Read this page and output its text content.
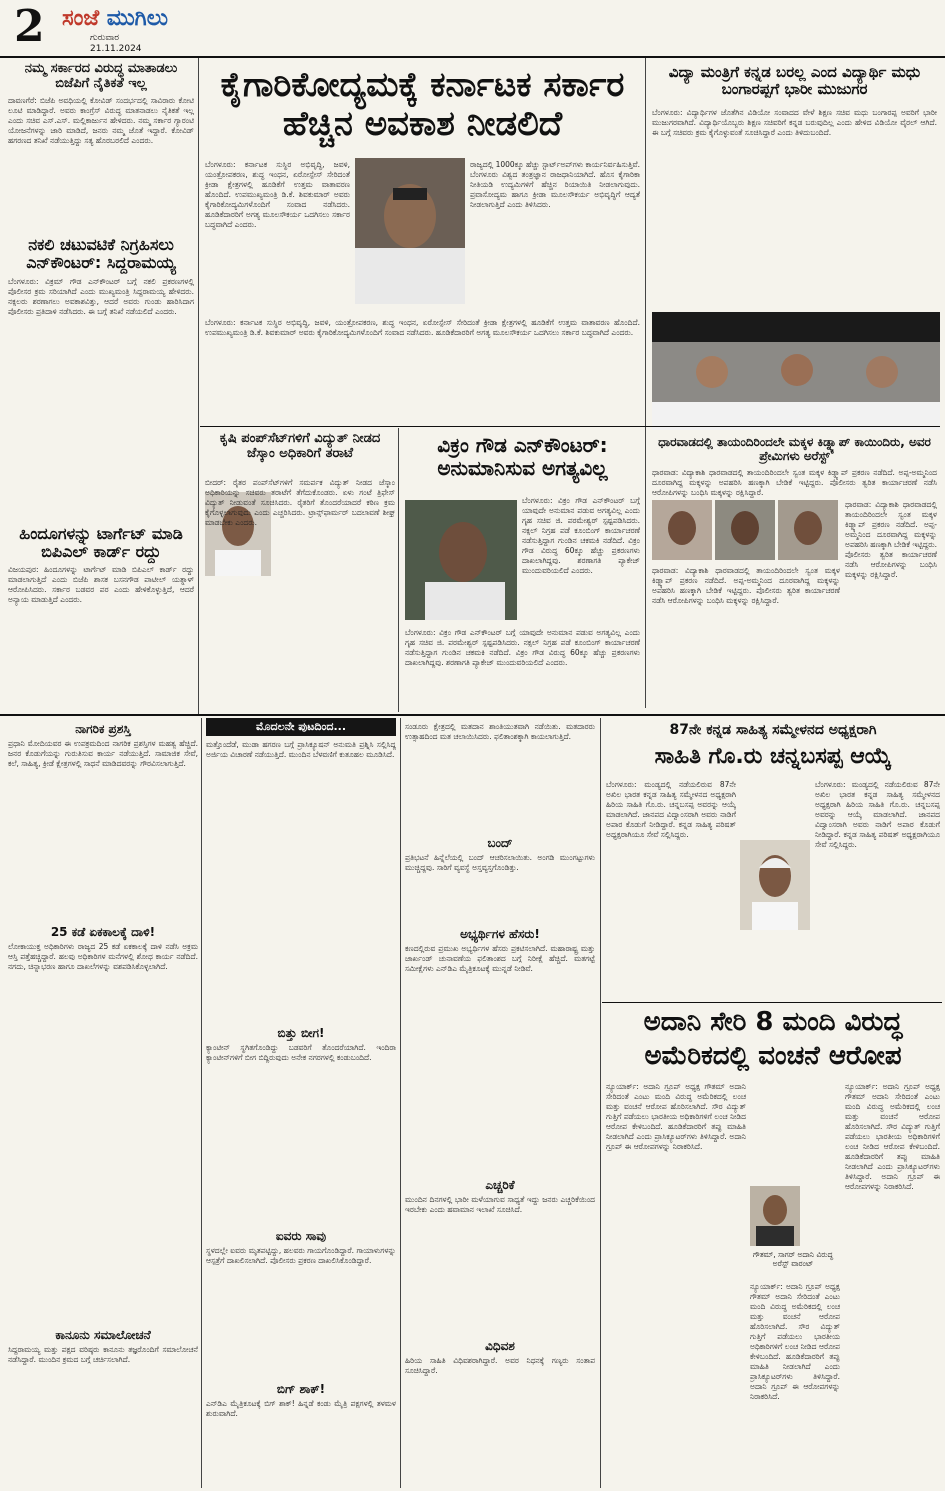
2 ಸಂಜೆ ಮುಗಿಲು
ಗುರುವಾರ
21.11.2024
ನಮ್ಮ ಸರ್ಕಾರದ ವಿರುದ್ಧ ಮಾತಾಡಲು ಬಿಜೆಪಿಗೆ ನೈತಿಕತೆ ಇಲ್ಲ
ದಾವಣಗೆರೆ: ಬಿಜೆಪಿ ಅವಧಿಯಲ್ಲಿ ಕೋವಿಡ್ ಸಂದರ್ಭದಲ್ಲಿ ಸಾವಿರಾರು ಕೋಟಿ ಲೂಟಿ ಮಾಡಿದ್ದಾರೆ. ಅವರು ಕಾಂಗ್ರೆಸ್ ವಿರುದ್ಧ ಮಾತನಾಡಲು ನೈತಿಕತೆ ಇಲ್ಲ ಎಂದು ಸಚಿವ ಎಸ್.ಎಸ್. ಮಲ್ಲಿಕಾರ್ಜುನ ಹೇಳಿದರು. ನಮ್ಮ ಸರ್ಕಾರ ಗ್ಯಾರಂಟಿ ಯೋಜನೆಗಳನ್ನು ಜಾರಿ ಮಾಡಿದೆ, ಜನರು ನಮ್ಮ ಜೊತೆ ಇದ್ದಾರೆ. ಕೋವಿಡ್ ಹಗರಣದ ತನಿಖೆ ನಡೆಯುತ್ತಿದ್ದು ಸತ್ಯ ಹೊರಬರಲಿದೆ ಎಂದರು.
ನಕಲಿ ಚಟುವಟಿಕೆ ನಿಗ್ರಹಿಸಲು ಎನ್‌ಕೌಂಟರ್: ಸಿದ್ದರಾಮಯ್ಯ
ಬೆಂಗಳೂರು: ವಿಕ್ರಮ್ ಗೌಡ ಎನ್‌ಕೌಂಟರ್ ಬಗ್ಗೆ ನಕಲಿ ಪ್ರಕರಣಗಳಲ್ಲಿ ಪೊಲೀಸರ ಕ್ರಮ ಸರಿಯಾಗಿದೆ ಎಂದು ಮುಖ್ಯಮಂತ್ರಿ ಸಿದ್ದರಾಮಯ್ಯ ಹೇಳಿದರು. ನಕ್ಸಲರು ಶರಣಾಗಲು ಅವಕಾಶವಿತ್ತು, ಆದರೆ ಅವರು ಗುಂಡು ಹಾರಿಸಿದಾಗ ಪೊಲೀಸರು ಪ್ರತಿದಾಳಿ ನಡೆಸಿದರು. ಈ ಬಗ್ಗೆ ತನಿಖೆ ನಡೆಯಲಿದೆ ಎಂದರು.
ಹಿಂದೂಗಳನ್ನು ಟಾರ್ಗೆಟ್ ಮಾಡಿ ಬಿಪಿಎಲ್ ಕಾರ್ಡ್ ರದ್ದು
ವಿಜಯಪುರ: ಹಿಂದೂಗಳನ್ನು ಟಾರ್ಗೆಟ್ ಮಾಡಿ ಬಿಪಿಎಲ್ ಕಾರ್ಡ್ ರದ್ದು ಮಾಡಲಾಗುತ್ತಿದೆ ಎಂದು ಬಿಜೆಪಿ ಶಾಸಕ ಬಸನಗೌಡ ಪಾಟೀಲ್ ಯತ್ನಾಳ್ ಆರೋಪಿಸಿದರು. ಸರ್ಕಾರ ಬಡವರ ಪರ ಎಂದು ಹೇಳಿಕೊಳ್ಳುತ್ತಿದೆ, ಆದರೆ ಅನ್ಯಾಯ ಮಾಡುತ್ತಿದೆ ಎಂದರು.
ಕೈಗಾರಿಕೋದ್ಯಮಕ್ಕೆ ಕರ್ನಾಟಕ ಸರ್ಕಾರ ಹೆಚ್ಚಿನ ಅವಕಾಶ ನೀಡಲಿದೆ
ಬೆಂಗಳೂರು: ಕರ್ನಾಟಕ ಸುಸ್ಥಿರ ಅಭಿವೃದ್ಧಿ, ಜವಳಿ, ಯಂತ್ರೋಪಕರಣ, ಶುದ್ಧ ಇಂಧನ, ಏರೋಸ್ಪೇಸ್ ಸೇರಿದಂತೆ ಕ್ರೀಡಾ ಕ್ಷೇತ್ರಗಳಲ್ಲಿ ಹೂಡಿಕೆಗೆ ಉತ್ತಮ ವಾತಾವರಣ ಹೊಂದಿದೆ. ಉಪಮುಖ್ಯಮಂತ್ರಿ ಡಿ.ಕೆ. ಶಿವಕುಮಾರ್ ಅವರು ಕೈಗಾರಿಕೋದ್ಯಮಿಗಳೊಂದಿಗೆ ಸಂವಾದ ನಡೆಸಿದರು. ಹೂಡಿಕೆದಾರರಿಗೆ ಅಗತ್ಯ ಮೂಲಸೌಕರ್ಯ ಒದಗಿಸಲು ಸರ್ಕಾರ ಬದ್ಧವಾಗಿದೆ ಎಂದರು.
ರಾಜ್ಯದಲ್ಲಿ 1000ಕ್ಕೂ ಹೆಚ್ಚು ಸ್ಟಾರ್ಟ್‌ಅಪ್‌ಗಳು ಕಾರ್ಯನಿರ್ವಹಿಸುತ್ತಿವೆ. ಬೆಂಗಳೂರು ವಿಶ್ವದ ತಂತ್ರಜ್ಞಾನ ರಾಜಧಾನಿಯಾಗಿದೆ. ಹೊಸ ಕೈಗಾರಿಕಾ ನೀತಿಯಡಿ ಉದ್ಯಮಿಗಳಿಗೆ ಹೆಚ್ಚಿನ ರಿಯಾಯಿತಿ ನೀಡಲಾಗುವುದು. ಪ್ರವಾಸೋದ್ಯಮ ಹಾಗೂ ಕ್ರೀಡಾ ಮೂಲಸೌಕರ್ಯ ಅಭಿವೃದ್ಧಿಗೆ ಆದ್ಯತೆ ನೀಡಲಾಗುತ್ತಿದೆ ಎಂದು ತಿಳಿಸಿದರು.
ಬೆಂಗಳೂರು: ಕರ್ನಾಟಕ ಸುಸ್ಥಿರ ಅಭಿವೃದ್ಧಿ, ಜವಳಿ, ಯಂತ್ರೋಪಕರಣ, ಶುದ್ಧ ಇಂಧನ, ಏರೋಸ್ಪೇಸ್ ಸೇರಿದಂತೆ ಕ್ರೀಡಾ ಕ್ಷೇತ್ರಗಳಲ್ಲಿ ಹೂಡಿಕೆಗೆ ಉತ್ತಮ ವಾತಾವರಣ ಹೊಂದಿದೆ. ಉಪಮುಖ್ಯಮಂತ್ರಿ ಡಿ.ಕೆ. ಶಿವಕುಮಾರ್ ಅವರು ಕೈಗಾರಿಕೋದ್ಯಮಿಗಳೊಂದಿಗೆ ಸಂವಾದ ನಡೆಸಿದರು. ಹೂಡಿಕೆದಾರರಿಗೆ ಅಗತ್ಯ ಮೂಲಸೌಕರ್ಯ ಒದಗಿಸಲು ಸರ್ಕಾರ ಬದ್ಧವಾಗಿದೆ ಎಂದರು.
ವಿದ್ಯಾ ಮಂತ್ರಿಗೆ ಕನ್ನಡ ಬರಲ್ಲ ಎಂದ ವಿದ್ಯಾರ್ಥಿ ಮಧು ಬಂಗಾರಪ್ಪಗೆ ಭಾರೀ ಮುಜುಗರ
ಬೆಂಗಳೂರು: ವಿದ್ಯಾರ್ಥಿಗಳ ಜೊತೆಗಿನ ವಿಡಿಯೋ ಸಂವಾದದ ವೇಳೆ ಶಿಕ್ಷಣ ಸಚಿವ ಮಧು ಬಂಗಾರಪ್ಪ ಅವರಿಗೆ ಭಾರೀ ಮುಜುಗರವಾಗಿದೆ. ವಿದ್ಯಾರ್ಥಿಯೊಬ್ಬರು ಶಿಕ್ಷಣ ಸಚಿವರಿಗೆ ಕನ್ನಡ ಬರುವುದಿಲ್ಲ ಎಂದು ಹೇಳಿದ ವಿಡಿಯೋ ವೈರಲ್ ಆಗಿದೆ. ಈ ಬಗ್ಗೆ ಸಚಿವರು ಕ್ರಮ ಕೈಗೊಳ್ಳುವಂತೆ ಸೂಚಿಸಿದ್ದಾರೆ ಎಂದು ತಿಳಿದುಬಂದಿದೆ.
ಕೃಷಿ ಪಂಪ್‌ಸೆಟ್‌ಗಳಿಗೆ ವಿದ್ಯುತ್ ನೀಡದ ಜೆಸ್ಕಾಂ ಅಧಿಕಾರಿಗೆ ತರಾಟೆ
ಬೀದರ್: ರೈತರ ಪಂಪ್‌ಸೆಟ್‌ಗಳಿಗೆ ಸಮರ್ಪಕ ವಿದ್ಯುತ್ ನೀಡದ ಜೆಸ್ಕಾಂ ಅಧಿಕಾರಿಯನ್ನು ಸಚಿವರು ತರಾಟೆಗೆ ತೆಗೆದುಕೊಂಡರು. ಏಳು ಗಂಟೆ ತ್ರಿಫೇಸ್ ವಿದ್ಯುತ್ ನೀಡುವಂತೆ ಸೂಚಿಸಿದರು. ರೈತರಿಗೆ ತೊಂದರೆಯಾದರೆ ಕಠಿಣ ಕ್ರಮ ಕೈಗೊಳ್ಳಲಾಗುವುದು ಎಂದು ಎಚ್ಚರಿಸಿದರು. ಟ್ರಾನ್ಸ್‌ಫಾರ್ಮರ್ ಬದಲಾವಣೆ ಶೀಘ್ರ ಮಾಡಬೇಕು ಎಂದರು.
ವಿಕ್ರಂ ಗೌಡ ಎನ್‌ಕೌಂಟರ್: ಅನುಮಾನಿಸುವ ಅಗತ್ಯವಿಲ್ಲ
ಬೆಂಗಳೂರು: ವಿಕ್ರಂ ಗೌಡ ಎನ್‌ಕೌಂಟರ್ ಬಗ್ಗೆ ಯಾವುದೇ ಅನುಮಾನ ಪಡುವ ಅಗತ್ಯವಿಲ್ಲ ಎಂದು ಗೃಹ ಸಚಿವ ಜಿ. ಪರಮೇಶ್ವರ್ ಸ್ಪಷ್ಟಪಡಿಸಿದರು. ನಕ್ಸಲ್ ನಿಗ್ರಹ ಪಡೆ ಕೂಂಬಿಂಗ್ ಕಾರ್ಯಾಚರಣೆ ನಡೆಸುತ್ತಿದ್ದಾಗ ಗುಂಡಿನ ಚಕಮಕಿ ನಡೆದಿದೆ. ವಿಕ್ರಂ ಗೌಡ ವಿರುದ್ಧ 60ಕ್ಕೂ ಹೆಚ್ಚು ಪ್ರಕರಣಗಳು ದಾಖಲಾಗಿದ್ದವು. ಶರಣಾಗತಿ ಪ್ಯಾಕೇಜ್ ಮುಂದುವರಿಯಲಿದೆ ಎಂದರು.
ಬೆಂಗಳೂರು: ವಿಕ್ರಂ ಗೌಡ ಎನ್‌ಕೌಂಟರ್ ಬಗ್ಗೆ ಯಾವುದೇ ಅನುಮಾನ ಪಡುವ ಅಗತ್ಯವಿಲ್ಲ ಎಂದು ಗೃಹ ಸಚಿವ ಜಿ. ಪರಮೇಶ್ವರ್ ಸ್ಪಷ್ಟಪಡಿಸಿದರು. ನಕ್ಸಲ್ ನಿಗ್ರಹ ಪಡೆ ಕೂಂಬಿಂಗ್ ಕಾರ್ಯಾಚರಣೆ ನಡೆಸುತ್ತಿದ್ದಾಗ ಗುಂಡಿನ ಚಕಮಕಿ ನಡೆದಿದೆ. ವಿಕ್ರಂ ಗೌಡ ವಿರುದ್ಧ 60ಕ್ಕೂ ಹೆಚ್ಚು ಪ್ರಕರಣಗಳು ದಾಖಲಾಗಿದ್ದವು. ಶರಣಾಗತಿ ಪ್ಯಾಕೇಜ್ ಮುಂದುವರಿಯಲಿದೆ ಎಂದರು.
ಧಾರವಾಡದಲ್ಲಿ ತಾಯಂದಿರಿಂದಲೇ ಮಕ್ಕಳ ಕಿಡ್ನ್ಯಾಪ್ ಕಾಯಿಂದಿರು, ಅವರ ಪ್ರೇಮಿಗಳು ಅರೆಸ್ಟ್
ಧಾರವಾಡ: ವಿದ್ಯಾಕಾಶಿ ಧಾರವಾಡದಲ್ಲಿ ತಾಯಂದಿರಿಂದಲೇ ಸ್ವಂತ ಮಕ್ಕಳ ಕಿಡ್ನ್ಯಾಪ್ ಪ್ರಕರಣ ನಡೆದಿದೆ. ಅಪ್ಪ-ಅಮ್ಮನಿಂದ ದೂರವಾಗಿದ್ದ ಮಕ್ಕಳನ್ನು ಅಪಹರಿಸಿ ಹಣಕ್ಕಾಗಿ ಬೇಡಿಕೆ ಇಟ್ಟಿದ್ದರು. ಪೊಲೀಸರು ತ್ವರಿತ ಕಾರ್ಯಾಚರಣೆ ನಡೆಸಿ ಆರೋಪಿಗಳನ್ನು ಬಂಧಿಸಿ ಮಕ್ಕಳನ್ನು ರಕ್ಷಿಸಿದ್ದಾರೆ.
ಧಾರವಾಡ: ವಿದ್ಯಾಕಾಶಿ ಧಾರವಾಡದಲ್ಲಿ ತಾಯಂದಿರಿಂದಲೇ ಸ್ವಂತ ಮಕ್ಕಳ ಕಿಡ್ನ್ಯಾಪ್ ಪ್ರಕರಣ ನಡೆದಿದೆ. ಅಪ್ಪ-ಅಮ್ಮನಿಂದ ದೂರವಾಗಿದ್ದ ಮಕ್ಕಳನ್ನು ಅಪಹರಿಸಿ ಹಣಕ್ಕಾಗಿ ಬೇಡಿಕೆ ಇಟ್ಟಿದ್ದರು. ಪೊಲೀಸರು ತ್ವರಿತ ಕಾರ್ಯಾಚರಣೆ ನಡೆಸಿ ಆರೋಪಿಗಳನ್ನು ಬಂಧಿಸಿ ಮಕ್ಕಳನ್ನು ರಕ್ಷಿಸಿದ್ದಾರೆ.
ಧಾರವಾಡ: ವಿದ್ಯಾಕಾಶಿ ಧಾರವಾಡದಲ್ಲಿ ತಾಯಂದಿರಿಂದಲೇ ಸ್ವಂತ ಮಕ್ಕಳ ಕಿಡ್ನ್ಯಾಪ್ ಪ್ರಕರಣ ನಡೆದಿದೆ. ಅಪ್ಪ-ಅಮ್ಮನಿಂದ ದೂರವಾಗಿದ್ದ ಮಕ್ಕಳನ್ನು ಅಪಹರಿಸಿ ಹಣಕ್ಕಾಗಿ ಬೇಡಿಕೆ ಇಟ್ಟಿದ್ದರು. ಪೊಲೀಸರು ತ್ವರಿತ ಕಾರ್ಯಾಚರಣೆ ನಡೆಸಿ ಆರೋಪಿಗಳನ್ನು ಬಂಧಿಸಿ ಮಕ್ಕಳನ್ನು ರಕ್ಷಿಸಿದ್ದಾರೆ.
ನಾಗರಿಕ ಪ್ರಶಸ್ತಿ
ಪ್ರಧಾನಿ ಮೋದಿಯವರ ಈ ಉಪಕ್ರಮದಿಂದ ನಾಗರಿಕ ಪ್ರಶಸ್ತಿಗಳ ಮಹತ್ವ ಹೆಚ್ಚಿದೆ. ಜನರ ಕೊಡುಗೆಯನ್ನು ಗುರುತಿಸುವ ಕಾರ್ಯ ನಡೆಯುತ್ತಿದೆ. ಸಾಮಾಜಿಕ ಸೇವೆ, ಕಲೆ, ಸಾಹಿತ್ಯ, ಕ್ರೀಡೆ ಕ್ಷೇತ್ರಗಳಲ್ಲಿ ಸಾಧನೆ ಮಾಡಿದವರನ್ನು ಗೌರವಿಸಲಾಗುತ್ತಿದೆ.
25 ಕಡೆ ಏಕಕಾಲಕ್ಕೆ ದಾಳಿ!
ಲೋಕಾಯುಕ್ತ ಅಧಿಕಾರಿಗಳು ರಾಜ್ಯದ 25 ಕಡೆ ಏಕಕಾಲಕ್ಕೆ ದಾಳಿ ನಡೆಸಿ ಅಕ್ರಮ ಆಸ್ತಿ ಪತ್ತೆಹಚ್ಚಿದ್ದಾರೆ. ಹಲವು ಅಧಿಕಾರಿಗಳ ಮನೆಗಳಲ್ಲಿ ಶೋಧ ಕಾರ್ಯ ನಡೆದಿದೆ. ನಗದು, ಚಿನ್ನಾಭರಣ ಹಾಗೂ ದಾಖಲೆಗಳನ್ನು ವಶಪಡಿಸಿಕೊಳ್ಳಲಾಗಿದೆ.
ಕಾನೂನು ಸಮಾಲೋಚನೆ
ಸಿದ್ದರಾಮಯ್ಯ ಮತ್ತು ಪಕ್ಷದ ವರಿಷ್ಠರು ಕಾನೂನು ತಜ್ಞರೊಂದಿಗೆ ಸಮಾಲೋಚನೆ ನಡೆಸಿದ್ದಾರೆ. ಮುಂದಿನ ಕ್ರಮದ ಬಗ್ಗೆ ಚರ್ಚಿಸಲಾಗಿದೆ.
ಮೊದಲನೇ ಪುಟದಿಂದ...
ಮತ್ತೊಂದೆಡೆ, ಮುಡಾ ಹಗರಣ ಬಗ್ಗೆ ಪ್ರಾಸಿಕ್ಯೂಷನ್ ಅನುಮತಿ ಪ್ರಶ್ನಿಸಿ ಸಲ್ಲಿಸಿದ್ದ ಅರ್ಜಿಯ ವಿಚಾರಣೆ ನಡೆಯುತ್ತಿದೆ. ಮುಂದಿನ ಬೆಳವಣಿಗೆ ಕುತೂಹಲ ಮೂಡಿಸಿದೆ.
ಬಿತ್ತು ಬೀಗ!
ಕ್ಯಾಂಟೀನ್ ಸ್ಥಗಿತಗೊಂಡಿದ್ದು ಬಡವರಿಗೆ ತೊಂದರೆಯಾಗಿದೆ. ಇಂದಿರಾ ಕ್ಯಾಂಟೀನ್‌ಗಳಿಗೆ ಬೀಗ ಬಿದ್ದಿರುವುದು ಅನೇಕ ನಗರಗಳಲ್ಲಿ ಕಂಡುಬಂದಿದೆ.
ಐವರು ಸಾವು
ಸ್ಥಳದಲ್ಲೇ ಐವರು ಮೃತಪಟ್ಟಿದ್ದು, ಹಲವರು ಗಾಯಗೊಂಡಿದ್ದಾರೆ. ಗಾಯಾಳುಗಳನ್ನು ಆಸ್ಪತ್ರೆಗೆ ದಾಖಲಿಸಲಾಗಿದೆ. ಪೊಲೀಸರು ಪ್ರಕರಣ ದಾಖಲಿಸಿಕೊಂಡಿದ್ದಾರೆ.
ಬಿಗ್ ಶಾಕ್!
ಎನ್‌ಡಿಎ ಮೈತ್ರಿಕೂಟಕ್ಕೆ ಬಿಗ್ ಶಾಕ್! ಹಿನ್ನಡೆ ಕಂಡು ಮೈತ್ರಿ ಪಕ್ಷಗಳಲ್ಲಿ ತಳಮಳ ಶುರುವಾಗಿದೆ.
ಸಂಡೂರು ಕ್ಷೇತ್ರದಲ್ಲಿ ಮತದಾನ ಶಾಂತಿಯುತವಾಗಿ ನಡೆಯಿತು. ಮತದಾರರು ಉತ್ಸಾಹದಿಂದ ಮತ ಚಲಾಯಿಸಿದರು. ಫಲಿತಾಂಶಕ್ಕಾಗಿ ಕಾಯಲಾಗುತ್ತಿದೆ.
ಬಂದ್
ಪ್ರತಿಭಟನೆ ಹಿನ್ನೆಲೆಯಲ್ಲಿ ಬಂದ್ ಆಚರಿಸಲಾಯಿತು. ಅಂಗಡಿ ಮುಂಗಟ್ಟುಗಳು ಮುಚ್ಚಿದ್ದವು. ಸಾರಿಗೆ ವ್ಯವಸ್ಥೆ ಅಸ್ತವ್ಯಸ್ತಗೊಂಡಿತ್ತು.
ಅಭ್ಯರ್ಥಿಗಳ ಹೆಸರು!
ಕಣದಲ್ಲಿರುವ ಪ್ರಮುಖ ಅಭ್ಯರ್ಥಿಗಳ ಹೆಸರು ಪ್ರಕಟಿಸಲಾಗಿದೆ. ಮಹಾರಾಷ್ಟ್ರ ಮತ್ತು ಜಾರ್ಖಂಡ್ ಚುನಾವಣೆಯ ಫಲಿತಾಂಶದ ಬಗ್ಗೆ ನಿರೀಕ್ಷೆ ಹೆಚ್ಚಿದೆ. ಮತಗಟ್ಟೆ ಸಮೀಕ್ಷೆಗಳು ಎನ್‌ಡಿಎ ಮೈತ್ರಿಕೂಟಕ್ಕೆ ಮುನ್ನಡೆ ನೀಡಿವೆ.
ಎಚ್ಚರಿಕೆ
ಮುಂದಿನ ದಿನಗಳಲ್ಲಿ ಭಾರೀ ಮಳೆಯಾಗುವ ಸಾಧ್ಯತೆ ಇದ್ದು ಜನರು ಎಚ್ಚರಿಕೆಯಿಂದ ಇರಬೇಕು ಎಂದು ಹವಾಮಾನ ಇಲಾಖೆ ಸೂಚಿಸಿದೆ.
ವಿಧಿವಶ
ಹಿರಿಯ ಸಾಹಿತಿ ವಿಧಿವಶರಾಗಿದ್ದಾರೆ. ಅವರ ನಿಧನಕ್ಕೆ ಗಣ್ಯರು ಸಂತಾಪ ಸೂಚಿಸಿದ್ದಾರೆ.
87ನೇ ಕನ್ನಡ ಸಾಹಿತ್ಯ ಸಮ್ಮೇಳನದ ಅಧ್ಯಕ್ಷರಾಗಿ
ಸಾಹಿತಿ ಗೊ.ರು ಚನ್ನಬಸಪ್ಪ ಆಯ್ಕೆ
ಬೆಂಗಳೂರು: ಮಂಡ್ಯದಲ್ಲಿ ನಡೆಯಲಿರುವ 87ನೇ ಅಖಿಲ ಭಾರತ ಕನ್ನಡ ಸಾಹಿತ್ಯ ಸಮ್ಮೇಳನದ ಅಧ್ಯಕ್ಷರಾಗಿ ಹಿರಿಯ ಸಾಹಿತಿ ಗೊ.ರು. ಚನ್ನಬಸಪ್ಪ ಅವರನ್ನು ಆಯ್ಕೆ ಮಾಡಲಾಗಿದೆ. ಜಾನಪದ ವಿದ್ವಾಂಸರಾಗಿ ಅವರು ನಾಡಿಗೆ ಅಪಾರ ಕೊಡುಗೆ ನೀಡಿದ್ದಾರೆ. ಕನ್ನಡ ಸಾಹಿತ್ಯ ಪರಿಷತ್ ಅಧ್ಯಕ್ಷರಾಗಿಯೂ ಸೇವೆ ಸಲ್ಲಿಸಿದ್ದರು.
ಬೆಂಗಳೂರು: ಮಂಡ್ಯದಲ್ಲಿ ನಡೆಯಲಿರುವ 87ನೇ ಅಖಿಲ ಭಾರತ ಕನ್ನಡ ಸಾಹಿತ್ಯ ಸಮ್ಮೇಳನದ ಅಧ್ಯಕ್ಷರಾಗಿ ಹಿರಿಯ ಸಾಹಿತಿ ಗೊ.ರು. ಚನ್ನಬಸಪ್ಪ ಅವರನ್ನು ಆಯ್ಕೆ ಮಾಡಲಾಗಿದೆ. ಜಾನಪದ ವಿದ್ವಾಂಸರಾಗಿ ಅವರು ನಾಡಿಗೆ ಅಪಾರ ಕೊಡುಗೆ ನೀಡಿದ್ದಾರೆ. ಕನ್ನಡ ಸಾಹಿತ್ಯ ಪರಿಷತ್ ಅಧ್ಯಕ್ಷರಾಗಿಯೂ ಸೇವೆ ಸಲ್ಲಿಸಿದ್ದರು.
ಅದಾನಿ ಸೇರಿ 8 ಮಂದಿ ವಿರುದ್ಧ
ಅಮೆರಿಕದಲ್ಲಿ ವಂಚನೆ ಆರೋಪ
ನ್ಯೂಯಾರ್ಕ್: ಅದಾನಿ ಗ್ರೂಪ್ ಅಧ್ಯಕ್ಷ ಗೌತಮ್ ಅದಾನಿ ಸೇರಿದಂತೆ ಎಂಟು ಮಂದಿ ವಿರುದ್ಧ ಅಮೆರಿಕದಲ್ಲಿ ಲಂಚ ಮತ್ತು ವಂಚನೆ ಆರೋಪ ಹೊರಿಸಲಾಗಿದೆ. ಸೌರ ವಿದ್ಯುತ್ ಗುತ್ತಿಗೆ ಪಡೆಯಲು ಭಾರತೀಯ ಅಧಿಕಾರಿಗಳಿಗೆ ಲಂಚ ನೀಡಿದ ಆರೋಪ ಕೇಳಿಬಂದಿದೆ. ಹೂಡಿಕೆದಾರರಿಗೆ ತಪ್ಪು ಮಾಹಿತಿ ನೀಡಲಾಗಿದೆ ಎಂದು ಪ್ರಾಸಿಕ್ಯೂಟರ್‌ಗಳು ತಿಳಿಸಿದ್ದಾರೆ. ಅದಾನಿ ಗ್ರೂಪ್ ಈ ಆರೋಪಗಳನ್ನು ನಿರಾಕರಿಸಿದೆ.
ಗೌತಮ್, ಸಾಗರ್ ಅದಾನಿ ವಿರುದ್ಧ ಅರೆಸ್ಟ್ ವಾರಂಟ್
ನ್ಯೂಯಾರ್ಕ್: ಅದಾನಿ ಗ್ರೂಪ್ ಅಧ್ಯಕ್ಷ ಗೌತಮ್ ಅದಾನಿ ಸೇರಿದಂತೆ ಎಂಟು ಮಂದಿ ವಿರುದ್ಧ ಅಮೆರಿಕದಲ್ಲಿ ಲಂಚ ಮತ್ತು ವಂಚನೆ ಆರೋಪ ಹೊರಿಸಲಾಗಿದೆ. ಸೌರ ವಿದ್ಯುತ್ ಗುತ್ತಿಗೆ ಪಡೆಯಲು ಭಾರತೀಯ ಅಧಿಕಾರಿಗಳಿಗೆ ಲಂಚ ನೀಡಿದ ಆರೋಪ ಕೇಳಿಬಂದಿದೆ. ಹೂಡಿಕೆದಾರರಿಗೆ ತಪ್ಪು ಮಾಹಿತಿ ನೀಡಲಾಗಿದೆ ಎಂದು ಪ್ರಾಸಿಕ್ಯೂಟರ್‌ಗಳು ತಿಳಿಸಿದ್ದಾರೆ. ಅದಾನಿ ಗ್ರೂಪ್ ಈ ಆರೋಪಗಳನ್ನು ನಿರಾಕರಿಸಿದೆ.
ನ್ಯೂಯಾರ್ಕ್: ಅದಾನಿ ಗ್ರೂಪ್ ಅಧ್ಯಕ್ಷ ಗೌತಮ್ ಅದಾನಿ ಸೇರಿದಂತೆ ಎಂಟು ಮಂದಿ ವಿರುದ್ಧ ಅಮೆರಿಕದಲ್ಲಿ ಲಂಚ ಮತ್ತು ವಂಚನೆ ಆರೋಪ ಹೊರಿಸಲಾಗಿದೆ. ಸೌರ ವಿದ್ಯುತ್ ಗುತ್ತಿಗೆ ಪಡೆಯಲು ಭಾರತೀಯ ಅಧಿಕಾರಿಗಳಿಗೆ ಲಂಚ ನೀಡಿದ ಆರೋಪ ಕೇಳಿಬಂದಿದೆ. ಹೂಡಿಕೆದಾರರಿಗೆ ತಪ್ಪು ಮಾಹಿತಿ ನೀಡಲಾಗಿದೆ ಎಂದು ಪ್ರಾಸಿಕ್ಯೂಟರ್‌ಗಳು ತಿಳಿಸಿದ್ದಾರೆ. ಅದಾನಿ ಗ್ರೂಪ್ ಈ ಆರೋಪಗಳನ್ನು ನಿರಾಕರಿಸಿದೆ.
